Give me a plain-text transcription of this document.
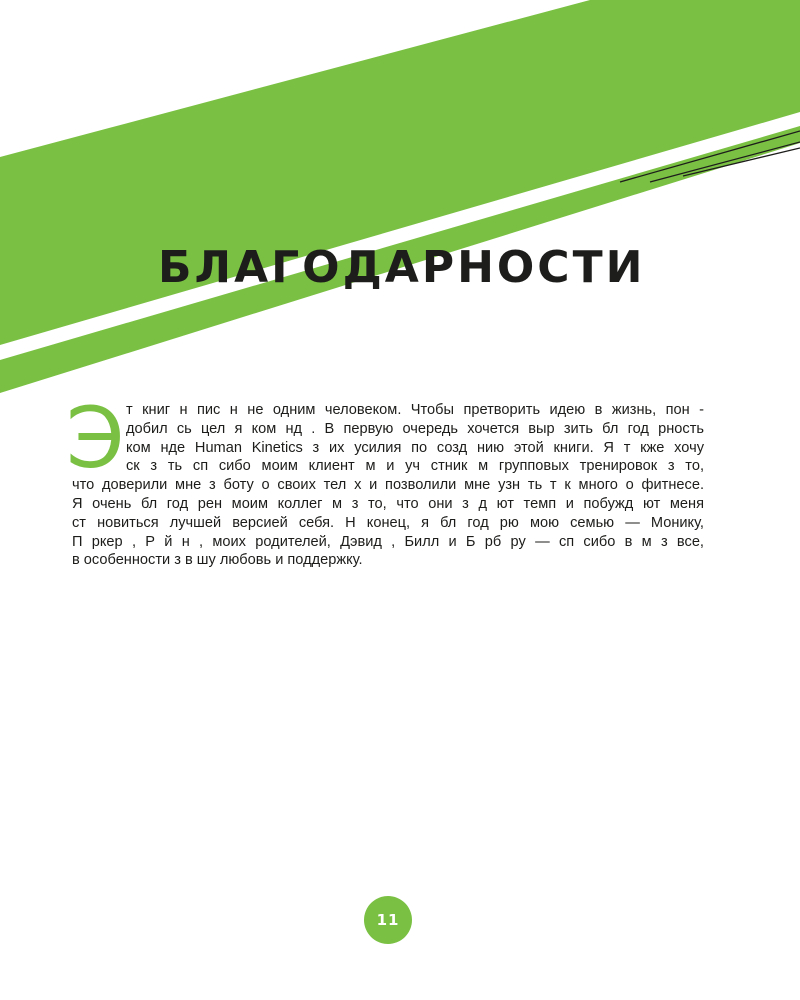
БЛАГОДАРНОСТИ
Э т книг н пис н не одним человеком. Чтобы претворить идею в жизнь, пон -
добил сь цел я ком нд . В первую очередь хочется выр зить бл год рность
ком нде Human Kinetics з их усилия по созд нию этой книги. Я т кже хочу
ск з ть сп сибо моим клиент м и уч стник м групповых тренировок з то,
что доверили мне з боту о своих тел х и позволили мне узн ть т к много о фитнесе.
Я очень бл год рен моим коллег м з то, что они з д ют темп и побужд ют меня
ст новиться лучшей версией себя. Н конец, я бл год рю мою семью — Монику,
П ркер , Р й н , моих родителей, Дэвид , Билл и Б рб ру — сп сибо в м з все,
в особенности з в шу любовь и поддержку.
11
